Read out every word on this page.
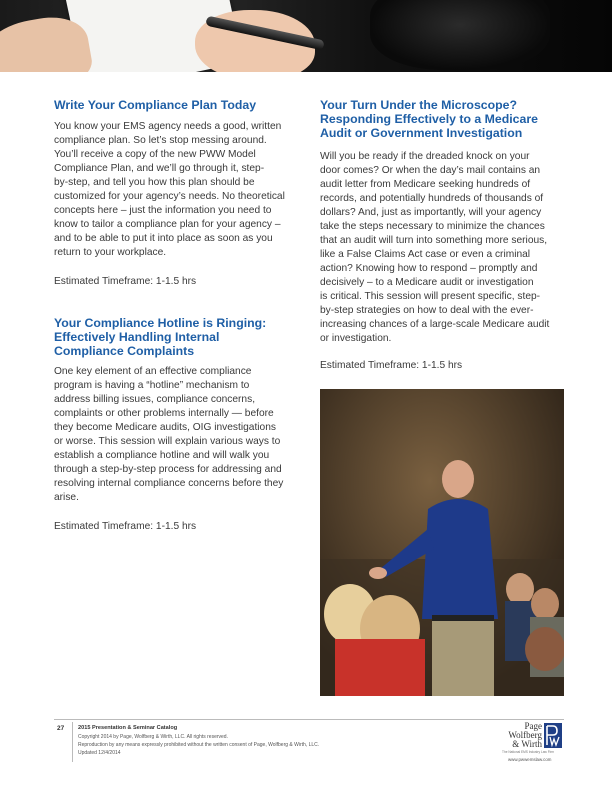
Write Your Compliance Plan Today

You know your EMS agency needs a good, written

compliance plan. So let’s stop messing around.

You’ll receive a copy of the new PWW Model

Compliance Plan, and we’ll go through it, step-

by-step, and tell you how this plan should be

customized for your agency’s needs. No theoretical

concepts here – just the information you need to

know to tailor a compliance plan for your agency –

and to be able to put it into place as soon as you

return to your workplace.

Estimated Timeframe: 1-1.5 hrs

Your Compliance Hotline is Ringing:
Effectively Handling Internal
Compliance Complaints

One key element of an effective compliance

program is having a “hotline” mechanism to

address billing issues, compliance concerns,

complaints or other problems internally — before

they become Medicare audits, OIG investigations

or worse. This session will explain various ways to

establish a compliance hotline and will walk you

through a step-by-step process for addressing and

resolving internal compliance concerns before they

arise.

Estimated Timeframe: 1-1.5 hrs

Your Turn Under the Microscope?
Responding Effectively to a Medicare
Audit or Government Investigation

Will you be ready if the dreaded knock on your

door comes? Or when the day’s mail contains an

audit letter from Medicare seeking hundreds of

records, and potentially hundreds of thousands of

dollars? And, just as importantly, will your agency

take the steps necessary to minimize the chances

that an audit will turn into something more serious,

like a False Claims Act case or even a criminal

action? Knowing how to respond – promptly and

decisively – to a Medicare audit or investigation

is critical. This session will present specific, step-

by-step strategies on how to deal with the ever-

increasing chances of a large-scale Medicare audit

or investigation.

Estimated Timeframe: 1-1.5 hrs

27 2015 Presentation & Seminar Catalog
Copyright 2014 by Page, Wolfberg & Wirth, LLC. All rights reserved.
Reproduction by any means expressly prohibited without the written consent of Page, Wolfberg & Wirth, LLC.
Updated 12/4/2014
Page
Wolfberg
& Wirth
The National EMS Industry Law Firm
www.pwwemslaw.com
